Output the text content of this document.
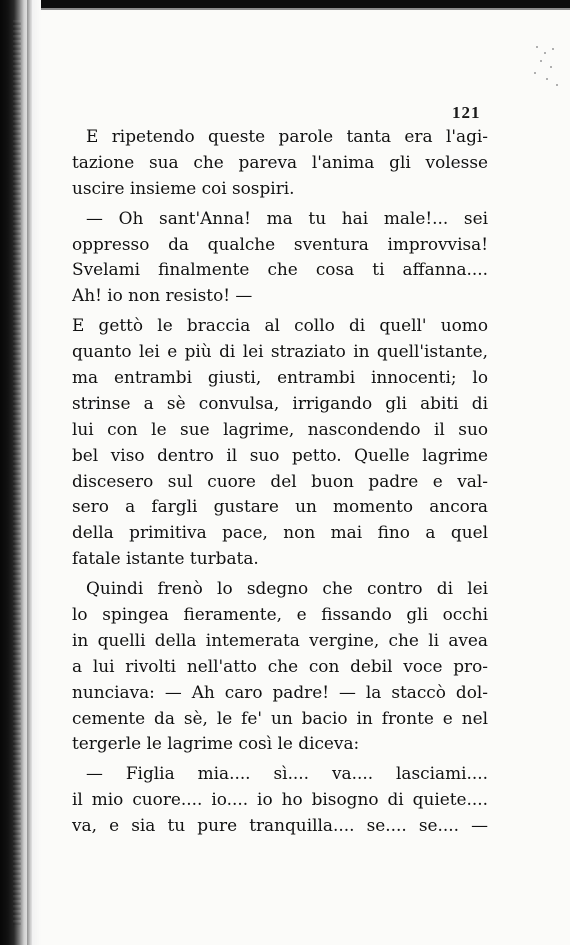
121
E ripetendo queste parole tanta era l'agi-
tazione sua che pareva l'anima gli volesse
uscire insieme coi sospiri.
— Oh sant'Anna! ma tu hai male!... sei
oppresso da qualche sventura improvvisa!
Svelami finalmente che cosa ti affanna....
Ah! io non resisto! —
E gettò le braccia al collo di quell' uomo
quanto lei e più di lei straziato in quell'istante,
ma entrambi giusti, entrambi innocenti; lo
strinse a sè convulsa, irrigando gli abiti di
lui con le sue lagrime, nascondendo il suo
bel viso dentro il suo petto. Quelle lagrime
discesero sul cuore del buon padre e val-
sero a fargli gustare un momento ancora
della primitiva pace, non mai fino a quel
fatale istante turbata.
Quindi frenò lo sdegno che contro di lei
lo spingea fieramente, e fissando gli occhi
in quelli della intemerata vergine, che li avea
a lui rivolti nell'atto che con debil voce pro-
nunciava: — Ah caro padre! — la staccò dol-
cemente da sè, le fe' un bacio in fronte e nel
tergerle le lagrime così le diceva:
— Figlia mia.... sì.... va.... lasciami....
il mio cuore.... io.... io ho bisogno di quiete....
va, e sia tu pure tranquilla.... se.... se.... —
